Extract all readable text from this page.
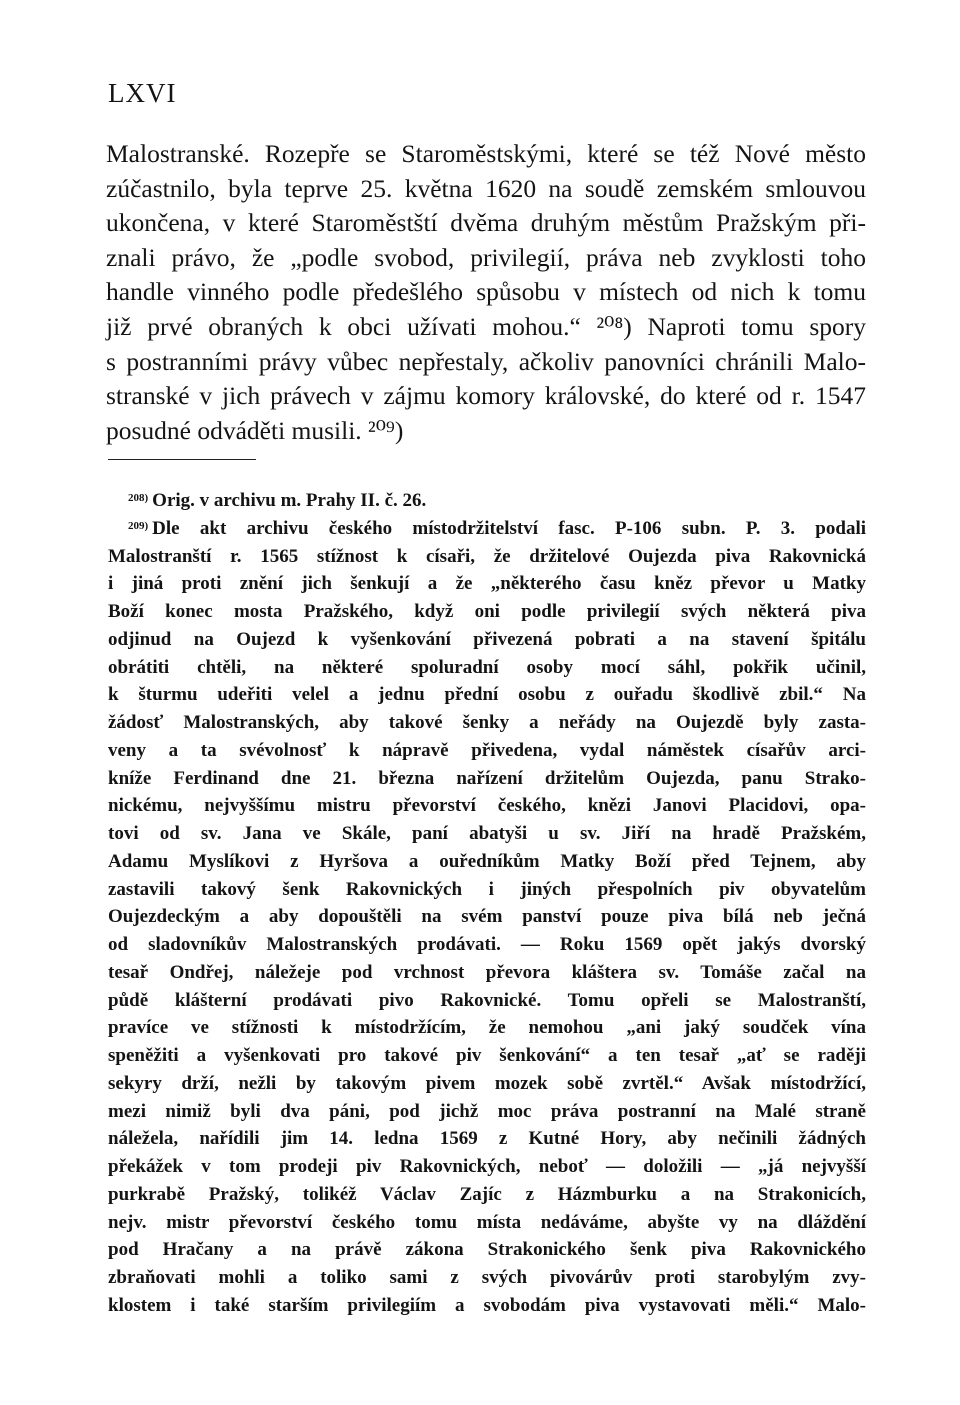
LXVI
Malostranské. Rozepře se Staroměstskými, které se též Nové město
zúčastnilo, byla teprve 25. května 1620 na soudě zemském smlouvou
ukončena, v které Staroměstští dvěma druhým městům Pražským při-
znali právo, že „podle svobod, privilegií, práva neb zvyklosti toho
handle vinného podle předešlého spůsobu v místech od nich k tomu
již prvé obraných k obci užívati mohou.“ ²⁰⁸) Naproti tomu spory
s postranními právy vůbec nepřestaly, ačkoliv panovníci chránili Malo-
stranské v jich právech v zájmu komory královské, do které od r. 1547
posudné odváděti musili. ²⁰⁹)
208) Orig. v archivu m. Prahy II. č. 26.
209) Dle akt archivu českého místodržitelství fasc. P-106 subn. P. 3. podali
Malostranští r. 1565 stížnost k císaři, že držitelové Oujezda piva Rakovnická
i jiná proti znění jich šenkují a že „některého času kněz převor u Matky
Boží konec mosta Pražského, když oni podle privilegií svých některá piva
odjinud na Oujezd k vyšenkování přivezená pobrati a na stavení špitálu
obrátiti chtěli, na některé spoluradní osoby mocí sáhl, pokřik učinil,
k šturmu udeřiti velel a jednu přední osobu z ouřadu škodlivě zbil.“ Na
žádosť Malostranských, aby takové šenky a neřády na Oujezdě byly zasta-
veny a ta svévolnosť k nápravě přivedena, vydal náměstek císařův arci-
kníže Ferdinand dne 21. března nařízení držitelům Oujezda, panu Strako-
nickému, nejvyššímu mistru převorství českého, knězi Janovi Placidovi, opa-
tovi od sv. Jana ve Skále, paní abatyši u sv. Jiří na hradě Pražském,
Adamu Myslíkovi z Hyršova a ouředníkům Matky Boží před Tejnem, aby
zastavili takový šenk Rakovnických i jiných přespolních piv obyvatelům
Oujezdeckým a aby dopouštěli na svém panství pouze piva bílá neb ječná
od sladovníkův Malostranských prodávati. — Roku 1569 opět jakýs dvorský
tesař Ondřej, náležeje pod vrchnost převora kláštera sv. Tomáše začal na
půdě klášterní prodávati pivo Rakovnické. Tomu opřeli se Malostranští,
pravíce ve stížnosti k místodržícím, že nemohou „ani jaký soudček vína
speněžiti a vyšenkovati pro takové piv šenkování“ a ten tesař „ať se raději
sekyry drží, nežli by takovým pivem mozek sobě zvrtěl.“ Avšak místodržící,
mezi nimiž byli dva páni, pod jichž moc práva postranní na Malé straně
náležela, nařídili jim 14. ledna 1569 z Kutné Hory, aby nečinili žádných
překážek v tom prodeji piv Rakovnických, neboť — doložili — „já nejvyšší
purkrabě Pražský, tolikéž Václav Zajíc z Házmburku a na Strakonicích,
nejv. mistr převorství českého tomu místa nedáváme, abyšte vy na dláždění
pod Hračany a na právě zákona Strakonického šenk piva Rakovnického
zbraňovati mohli a toliko sami z svých pivovárův proti starobylým zvy-
klostem i také starším privilegiím a svobodám piva vystavovati měli.“ Malo-
